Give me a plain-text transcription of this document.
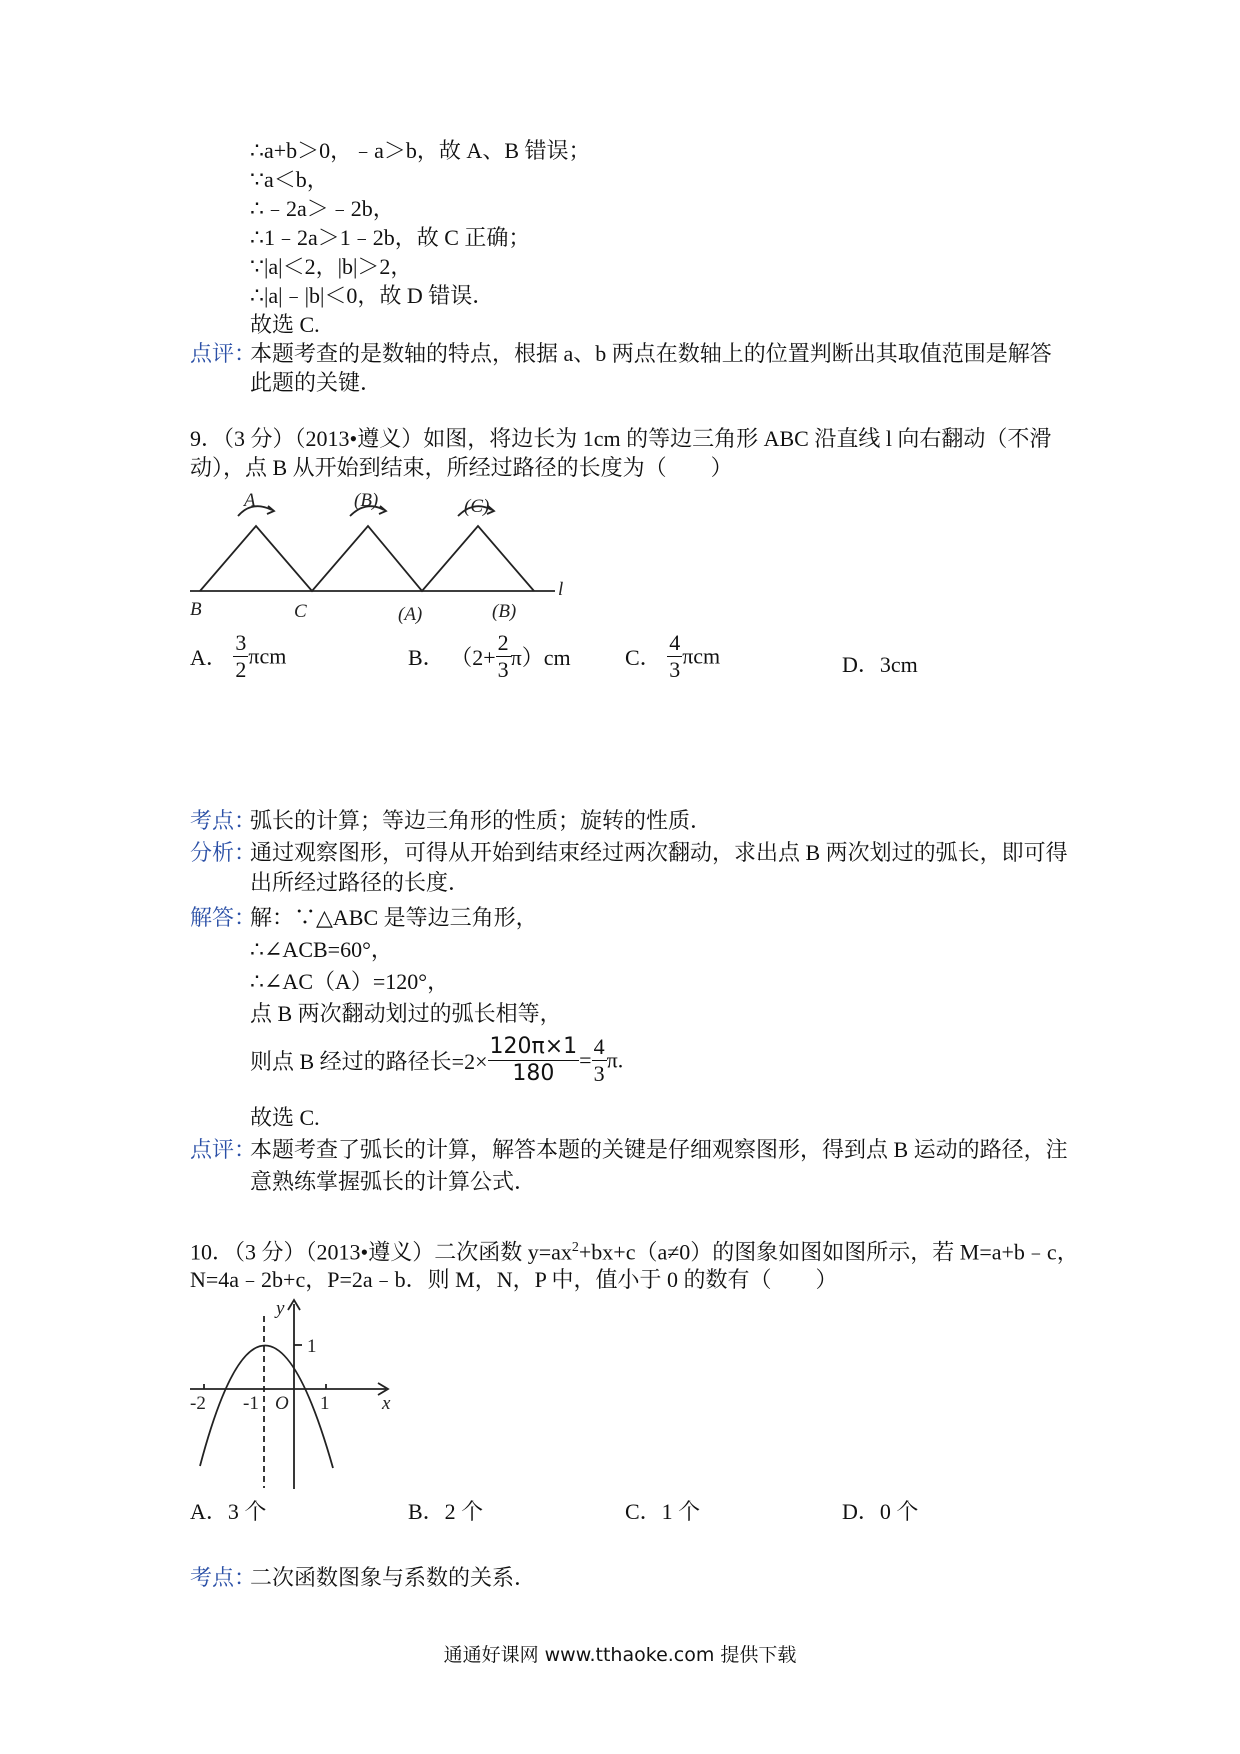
∴a+b＞0，﹣a＞b，故 A、B 错误；
∵a＜b，
∴﹣2a＞﹣2b，
∴1﹣2a＞1﹣2b，故 C 正确；
∵|a|＜2，|b|＞2，
∴|a|﹣|b|＜0，故 D 错误．
故选 C.
点评：
本题考查的是数轴的特点，根据 a、b 两点在数轴上的位置判断出其取值范围是解答
此题的关键．
9．（3 分）（2013•遵义）如图，将边长为 1cm 的等边三角形 ABC 沿直线 l 向右翻动（不滑
动），点 B 从开始到结束，所经过路径的长度为（　　）
A	(B)	(C)
B	C	(A)	(B)
l
A． $\frac{3}{2}$ πcm	B． $(2+ \frac{2}{3} \pi)cm$ C． $\frac{4}{3}$ πcm	D．3cm
考点：
弧长的计算；等边三角形的性质；旋转的性质．
分析：
通过观察图形，可得从开始到结束经过两次翻动，求出点 B 两次划过的弧长，即可得
出所经过路径的长度．
解答：
解：∵△ABC 是等边三角形，
∴∠ACB=60°，
∴∠AC（A）=120°，
点 B 两次翻动划过的弧长相等，
则点 B 经过的路径长$=2\times \frac{120\pi\times 1}{180} = \frac{4}{3} \pi$.
故选 C.
点评：
本题考查了弧长的计算，解答本题的关键是仔细观察图形，得到点 B 运动的路径，注
意熟练掌握弧长的计算公式．
10．（3 分）（2013•遵义）二次函数 $y=ax^2+bx+c(a\ne 0)$的图象如图如图所示，若 M=a+b﹣c，
N=4a﹣2b+c，P=2a﹣b．则 M，N，P 中，值小于 0 的数有（　　）
y
x
1
-2 -1 O 1
A．3 个	B．2 个	C．1 个	D．0 个
考点：
二次函数图象与系数的关系．
通通好课网 www.tthaoke.com 提供下载
